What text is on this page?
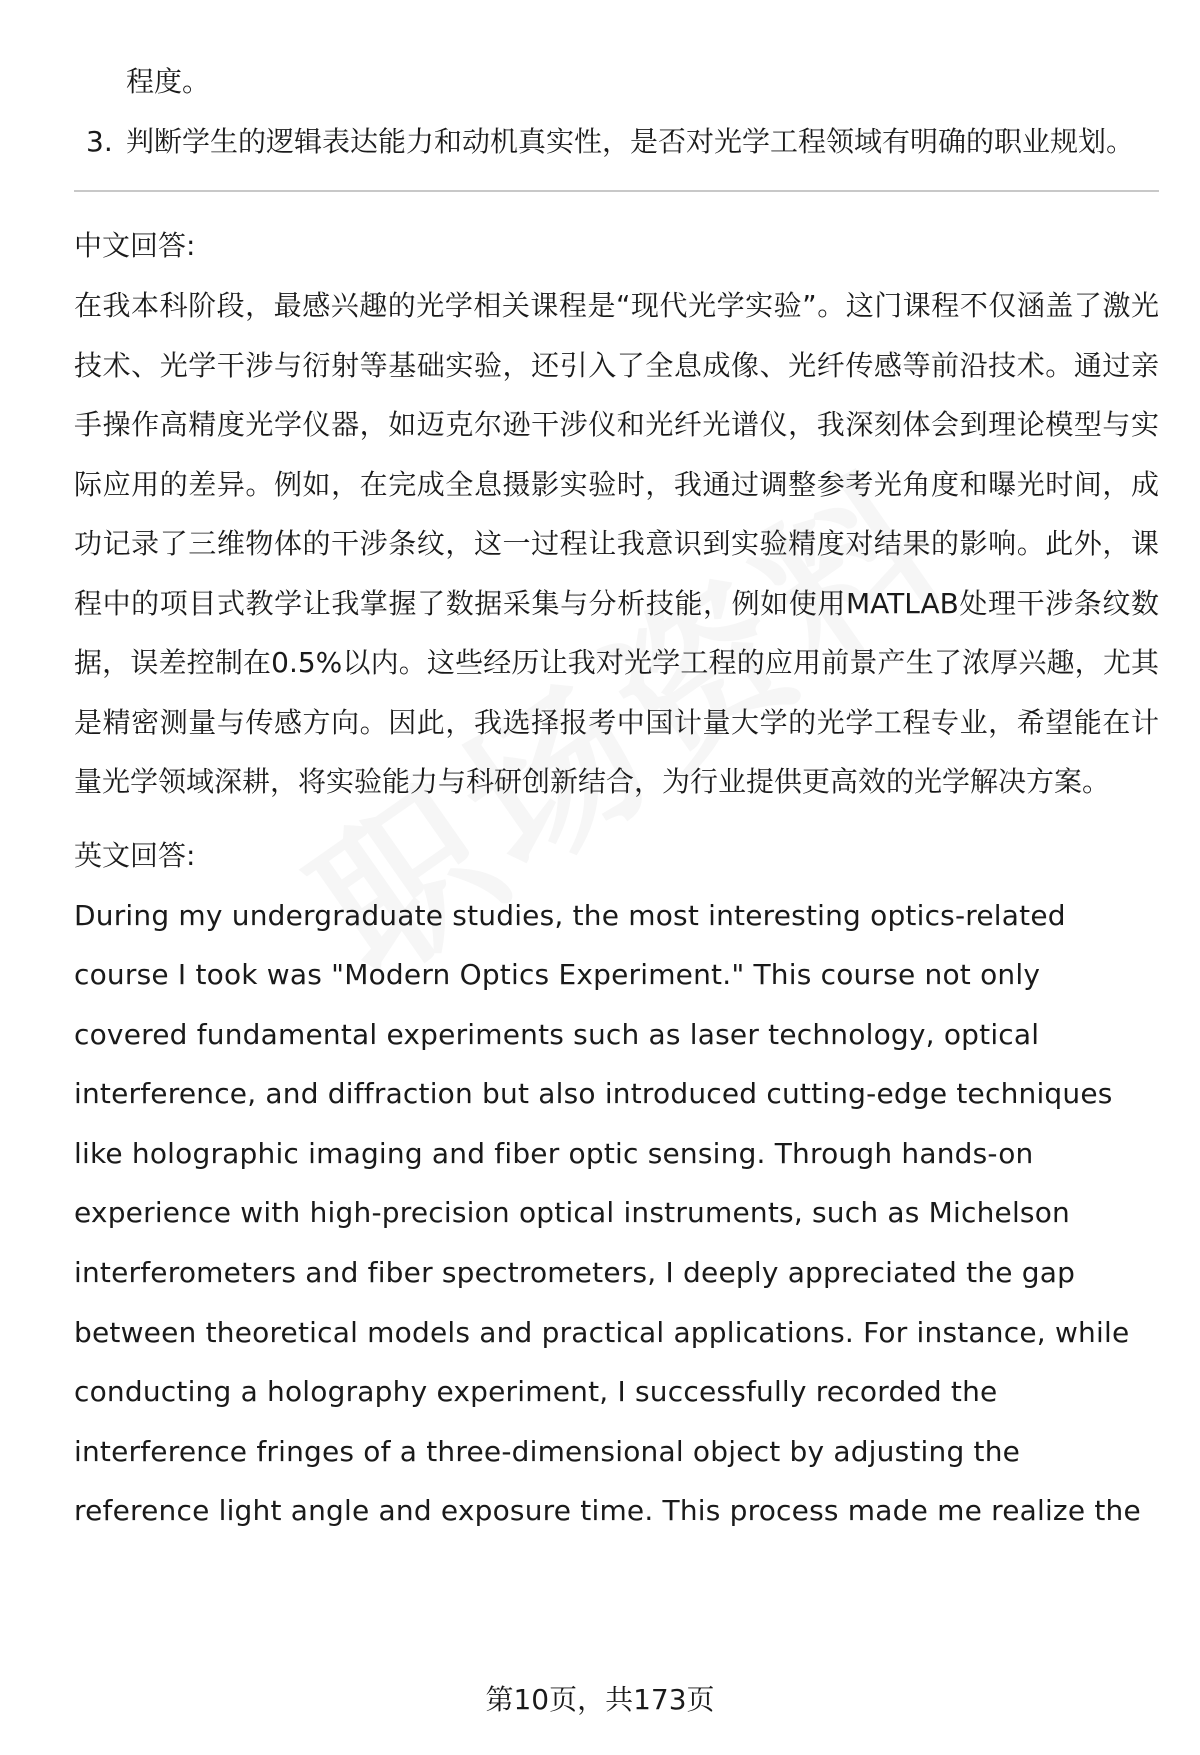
程度。

3. 判断学生的逻辑表达能力和动机真实性，是否对光学工程领域有明确的职业规划。

中文回答:

在我本科阶段，最感兴趣的光学相关课程是“现代光学实验”。这门课程不仅涵盖了激光技术、光学干涉与衍射等基础实验，还引入了全息成像、光纤传感等前沿技术。通过亲手操作高精度光学仪器，如迈克尔逊干涉仪和光纤光谱仪，我深刻体会到理论模型与实际应用的差异。例如，在完成全息摄影实验时，我通过调整参考光角度和曝光时间，成功记录了三维物体的干涉条纹，这一过程让我意识到实验精度对结果的影响。此外，课程中的项目式教学让我掌握了数据采集与分析技能，例如使用MATLAB处理干涉条纹数据，误差控制在0.5%以内。这些经历让我对光学工程的应用前景产生了浓厚兴趣，尤其是精密测量与传感方向。因此，我选择报考中国计量大学的光学工程专业，希望能在计量光学领域深耕，将实验能力与科研创新结合，为行业提供更高效的光学解决方案。

英文回答:

During my undergraduate studies, the most interesting optics-related course I took was "Modern Optics Experiment." This course not only covered fundamental experiments such as laser technology, optical interference, and diffraction but also introduced cutting-edge techniques like holographic imaging and fiber optic sensing. Through hands-on experience with high-precision optical instruments, such as Michelson interferometers and fiber spectrometers, I deeply appreciated the gap between theoretical models and practical applications. For instance, while conducting a holography experiment, I successfully recorded the interference fringes of a three-dimensional object by adjusting the reference light angle and exposure time. This process made me realize the

第10页，共173页
